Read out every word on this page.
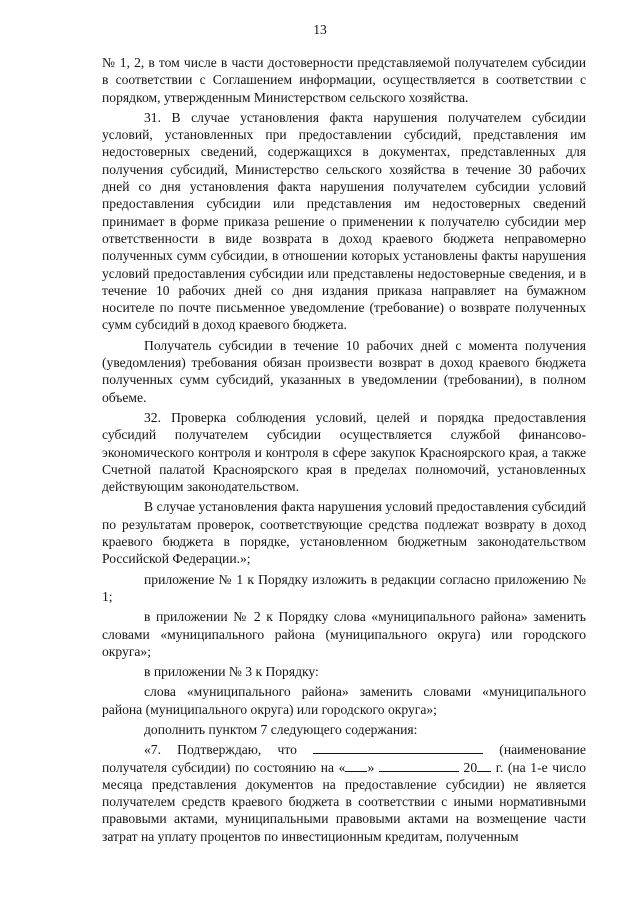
13

№ 1, 2, в том числе в части достоверности представляемой получателем субсидии в соответствии с Соглашением информации, осуществляется в соответствии с порядком, утвержденным Министерством сельского хозяйства.

31. В случае установления факта нарушения получателем субсидии условий, установленных при предоставлении субсидий, представления им недостоверных сведений, содержащихся в документах, представленных для получения субсидий, Министерство сельского хозяйства в течение 30 рабочих дней со дня установления факта нарушения получателем субсидии условий предоставления субсидии или представления им недостоверных сведений принимает в форме приказа решение о применении к получателю субсидии мер ответственности в виде возврата в доход краевого бюджета неправомерно полученных сумм субсидии, в отношении которых установлены факты нарушения условий предоставления субсидии или представлены недостоверные сведения, и в течение 10 рабочих дней со дня издания приказа направляет на бумажном носителе по почте письменное уведомление (требование) о возврате полученных сумм субсидий в доход краевого бюджета.

Получатель субсидии в течение 10 рабочих дней с момента получения (уведомления) требования обязан произвести возврат в доход краевого бюджета полученных сумм субсидий, указанных в уведомлении (требовании), в полном объеме.

32. Проверка соблюдения условий, целей и порядка предоставления субсидий получателем субсидии осуществляется службой финансово-экономического контроля и контроля в сфере закупок Красноярского края, а также Счетной палатой Красноярского края в пределах полномочий, установленных действующим законодательством.

В случае установления факта нарушения условий предоставления субсидий по результатам проверок, соответствующие средства подлежат возврату в доход краевого бюджета в порядке, установленном бюджетным законодательством Российской Федерации.»;

приложение № 1 к Порядку изложить в редакции согласно приложению № 1;

в приложении № 2 к Порядку слова «муниципального района» заменить словами «муниципального района (муниципального округа) или городского округа»;

в приложении № 3 к Порядку:

слова «муниципального района» заменить словами «муниципального района (муниципального округа) или городского округа»;

дополнить пунктом 7 следующего содержания:

«7. Подтверждаю, что	(наименование получателя субсидии) по состоянию на « »	20 г. (на 1-е число месяца представления документов на предоставление субсидии) не является получателем средств краевого бюджета в соответствии с иными нормативными правовыми актами, муниципальными правовыми актами на возмещение части затрат на уплату процентов по инвестиционным кредитам, полученным
